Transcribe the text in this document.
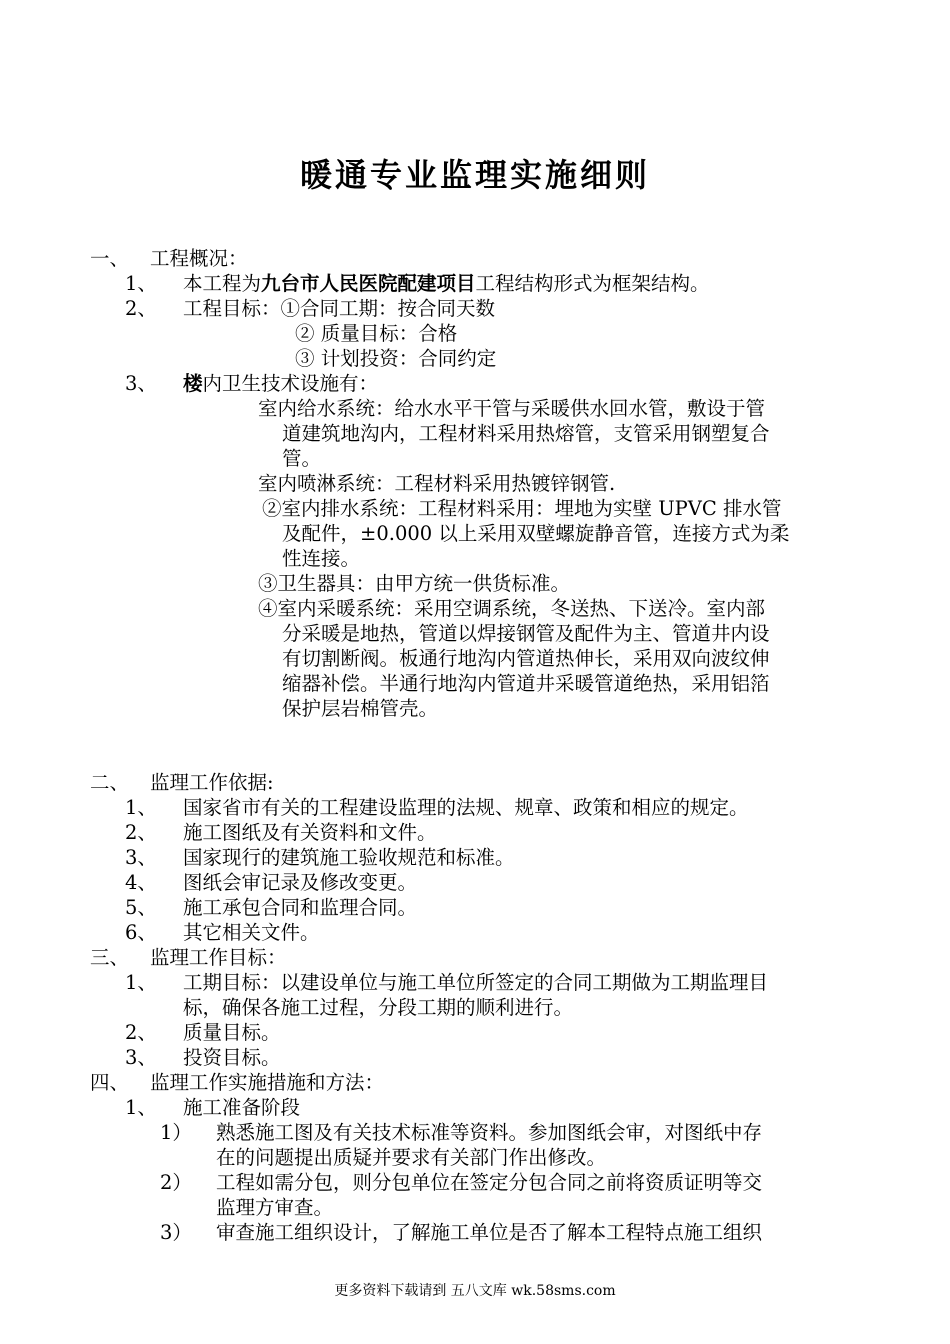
暖通专业监理实施细则
一、 工程概况：
1、 本工程为九台市人民医院配建项目工程结构形式为框架结构。
2、 工程目标：①合同工期：按合同天数
② 质量目标：合格
③ 计划投资：合同约定
3、 楼内卫生技术设施有：
室内给水系统：给水水平干管与采暖供水回水管，敷设于管
道建筑地沟内，工程材料采用热熔管，支管采用钢塑复合
管。
室内喷淋系统：工程材料采用热镀锌钢管.
②室内排水系统：工程材料采用：埋地为实壁 UPVC 排水管
及配件，±0.000 以上采用双壁螺旋静音管，连接方式为柔
性连接。
③卫生器具：由甲方统一供货标准。
④室内采暖系统：采用空调系统，冬送热、下送冷。室内部
分采暖是地热，管道以焊接钢管及配件为主、管道井内设
有切割断阀。板通行地沟内管道热伸长，采用双向波纹伸
缩器补偿。半通行地沟内管道井采暖管道绝热，采用铝箔
保护层岩棉管壳。
二、 监理工作依据:
1、 国家省市有关的工程建设监理的法规、规章、政策和相应的规定。
2、 施工图纸及有关资料和文件。
3、 国家现行的建筑施工验收规范和标准。
4、 图纸会审记录及修改变更。
5、 施工承包合同和监理合同。
6、 其它相关文件。
三、 监理工作目标：
1、 工期目标：以建设单位与施工单位所签定的合同工期做为工期监理目
标，确保各施工过程，分段工期的顺利进行。
2、 质量目标。
3、 投资目标。
四、 监理工作实施措施和方法：
1、 施工准备阶段
1） 熟悉施工图及有关技术标准等资料。参加图纸会审，对图纸中存
在的问题提出质疑并要求有关部门作出修改。
2） 工程如需分包，则分包单位在签定分包合同之前将资质证明等交
监理方审查。
3） 审查施工组织设计，了解施工单位是否了解本工程特点施工组织
更多资料下载请到 五八文库 wk.58sms.com
